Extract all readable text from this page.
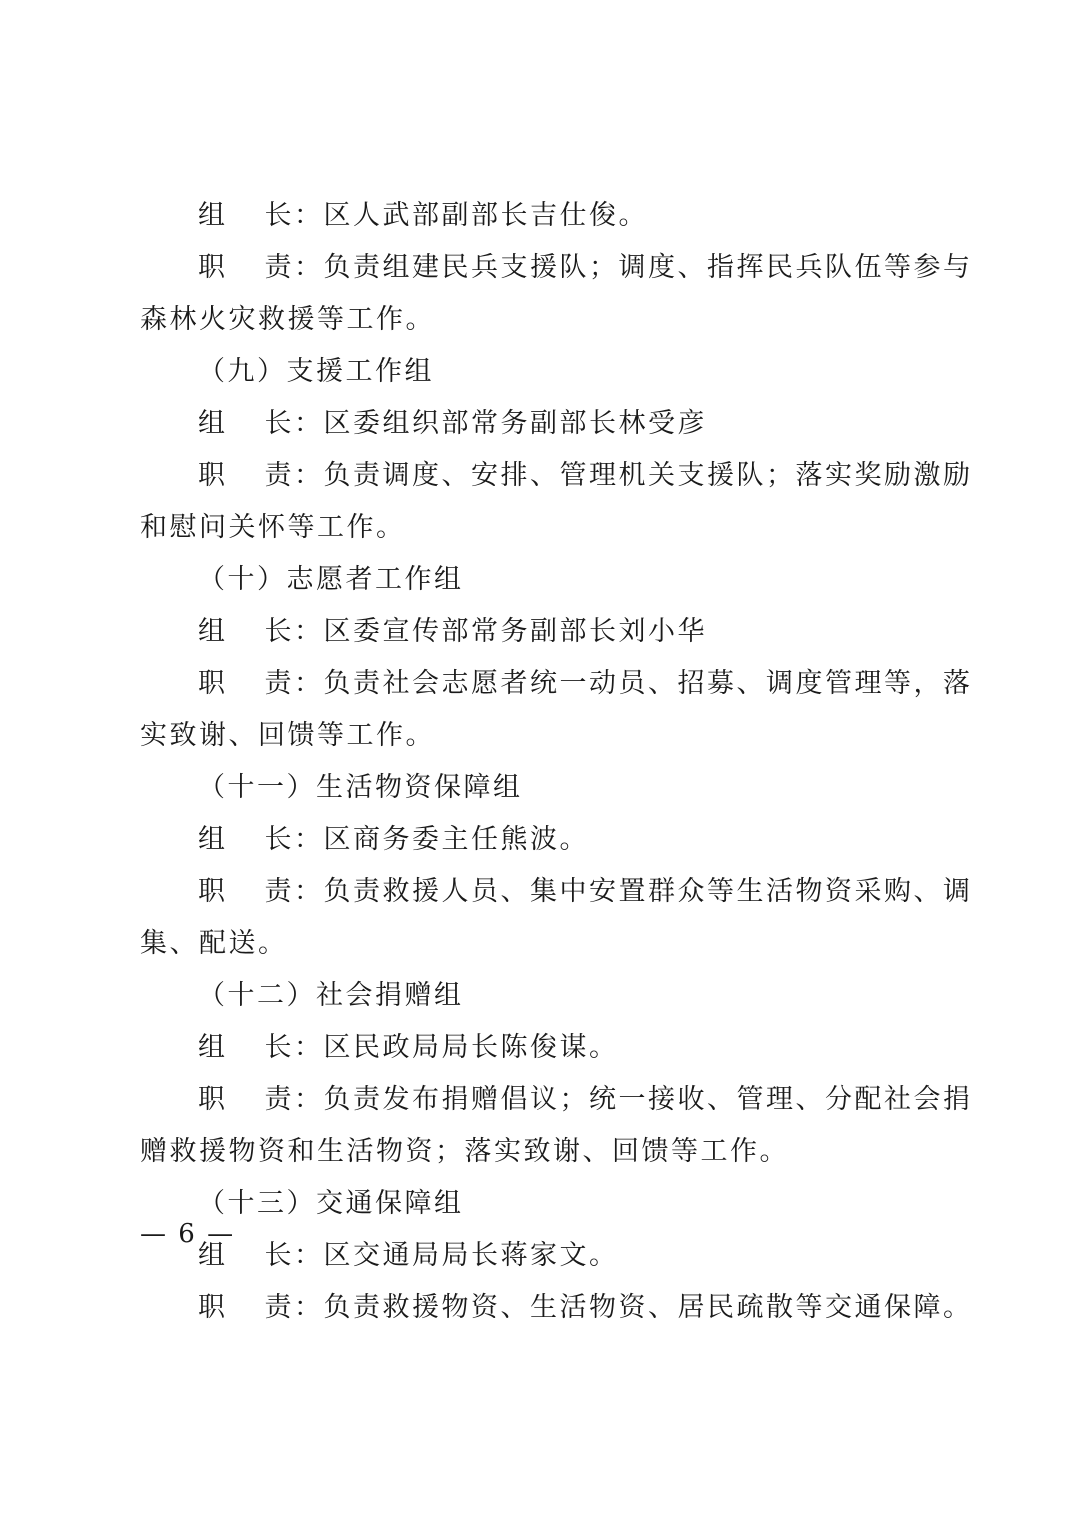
组 长：区人武部副部长吉仕俊。
职 责：负责组建民兵支援队；调度、指挥民兵队伍等参与
森林火灾救援等工作。
（九）支援工作组
组 长：区委组织部常务副部长林受彦
职 责：负责调度、安排、管理机关支援队；落实奖励激励
和慰问关怀等工作。
（十）志愿者工作组
组 长：区委宣传部常务副部长刘小华
职 责：负责社会志愿者统一动员、招募、调度管理等，落
实致谢、回馈等工作。
（十一）生活物资保障组
组 长：区商务委主任熊波。
职 责：负责救援人员、集中安置群众等生活物资采购、调
集、配送。
（十二）社会捐赠组
组 长：区民政局局长陈俊谋。
职 责：负责发布捐赠倡议；统一接收、管理、分配社会捐
赠救援物资和生活物资；落实致谢、回馈等工作。
（十三）交通保障组
组 长：区交通局局长蒋家文。
职 责：负责救援物资、生活物资、居民疏散等交通保障。
— 6 —
